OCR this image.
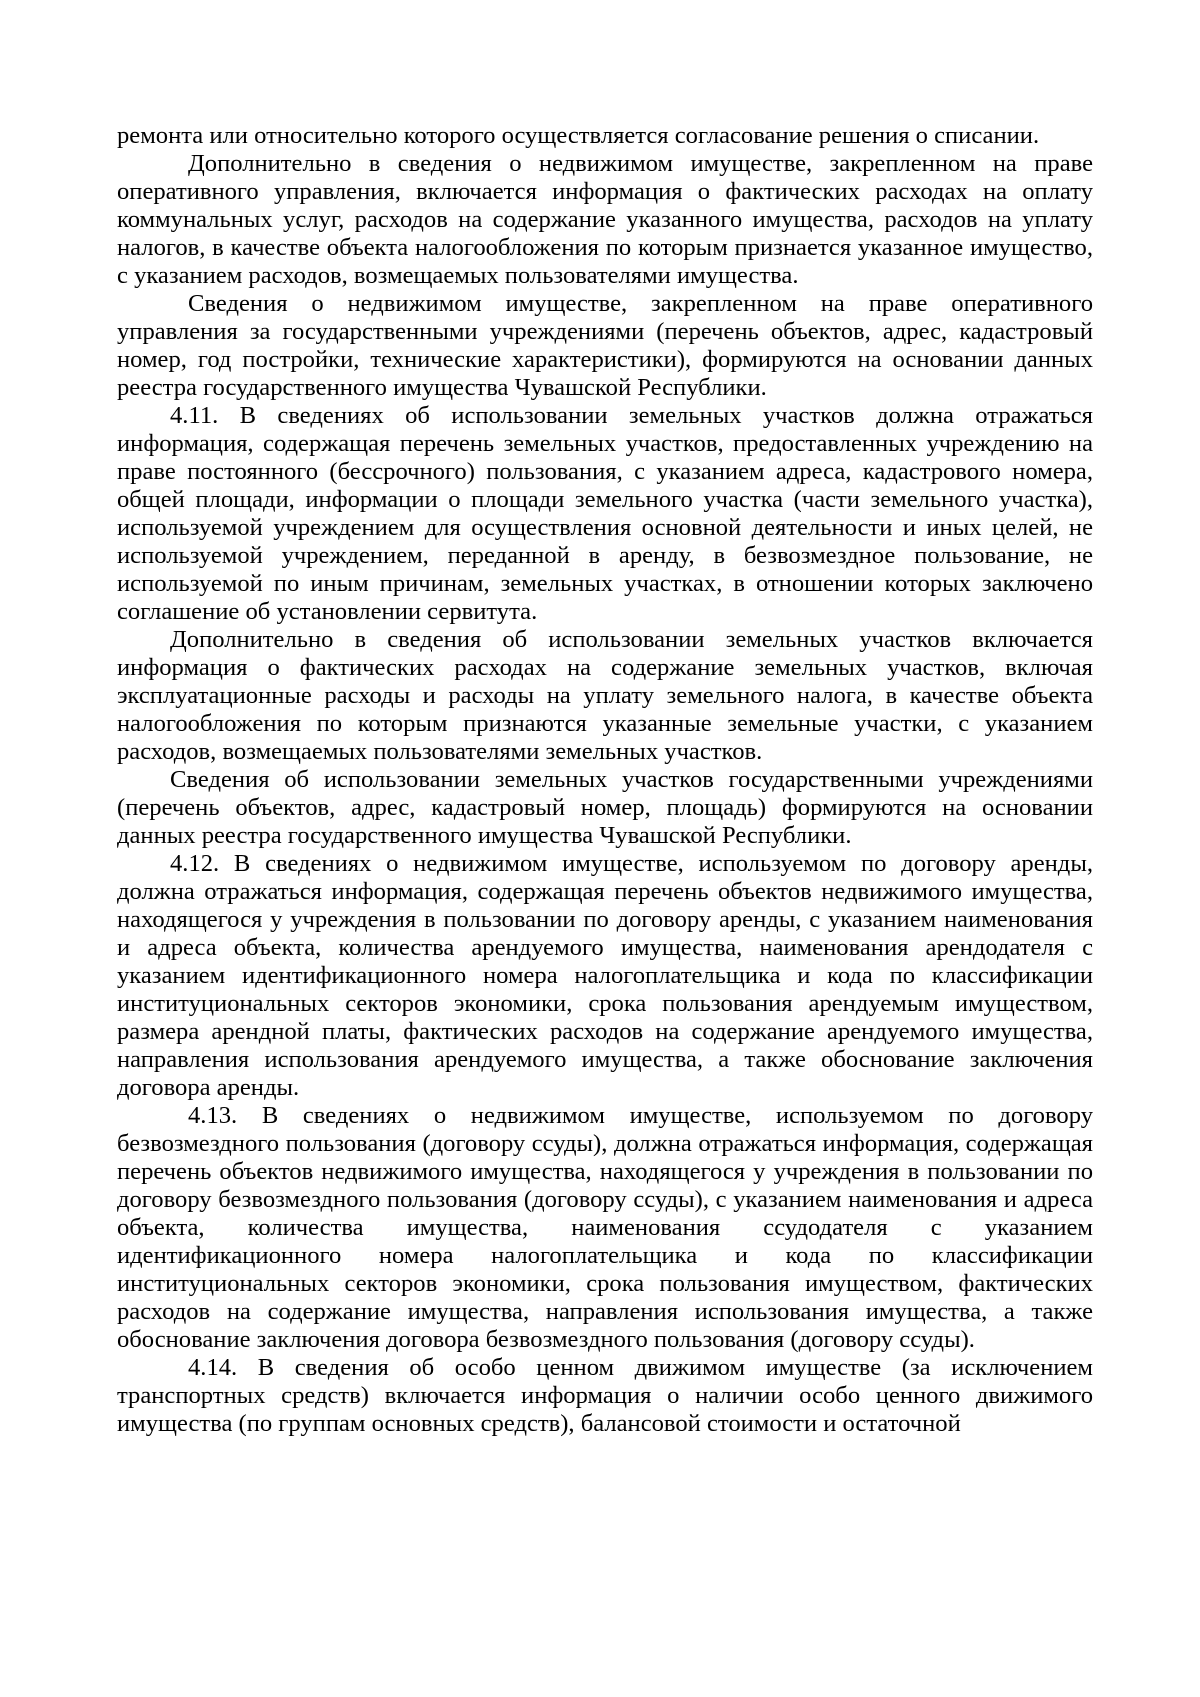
ремонта или относительно которого осуществляется согласование решения о списании.

Дополнительно в сведения о недвижимом имуществе, закрепленном на праве оперативного управления, включается информация о фактических расходах на оплату коммунальных услуг, расходов на содержание указанного имущества, расходов на уплату налогов, в качестве объекта налогообложения по которым признается указанное имущество, с указанием расходов, возмещаемых пользователями имущества.

Сведения о недвижимом имуществе, закрепленном на праве оперативного управления за государственными учреждениями (перечень объектов, адрес, кадастровый номер, год постройки, технические характеристики), формируются на основании данных реестра государственного имущества Чувашской Республики.

4.11. В сведениях об использовании земельных участков должна отражаться информация, содержащая перечень земельных участков, предоставленных учреждению на праве постоянного (бессрочного) пользования, с указанием адреса, кадастрового номера, общей площади, информации о площади земельного участка (части земельного участка), используемой учреждением для осуществления основной деятельности и иных целей, не используемой учреждением, переданной в аренду, в безвозмездное пользование, не используемой по иным причинам, земельных участках, в отношении которых заключено соглашение об установлении сервитута.

Дополнительно в сведения об использовании земельных участков включается информация о фактических расходах на содержание земельных участков, включая эксплуатационные расходы и расходы на уплату земельного налога, в качестве объекта налогообложения по которым признаются указанные земельные участки, с указанием расходов, возмещаемых пользователями земельных участков.

Сведения об использовании земельных участков государственными учреждениями (перечень объектов, адрес, кадастровый номер, площадь) формируются на основании данных реестра государственного имущества Чувашской Республики.

4.12. В сведениях о недвижимом имуществе, используемом по договору аренды, должна отражаться информация, содержащая перечень объектов недвижимого имущества, находящегося у учреждения в пользовании по договору аренды, с указанием наименования и адреса объекта, количества арендуемого имущества, наименования арендодателя с указанием идентификационного номера налогоплательщика и кода по классификации институциональных секторов экономики, срока пользования арендуемым имуществом, размера арендной платы, фактических расходов на содержание арендуемого имущества, направления использования арендуемого имущества, а также обоснование заключения договора аренды.

4.13. В сведениях о недвижимом имуществе, используемом по договору безвозмездного пользования (договору ссуды), должна отражаться информация, содержащая перечень объектов недвижимого имущества, находящегося у учреждения в пользовании по договору безвозмездного пользования (договору ссуды), с указанием наименования и адреса объекта, количества имущества, наименования ссудодателя с указанием идентификационного номера налогоплательщика и кода по классификации институциональных секторов экономики, срока пользования имуществом, фактических расходов на содержание имущества, направления использования имущества, а также обоснование заключения договора безвозмездного пользования (договору ссуды).

4.14. В сведения об особо ценном движимом имуществе (за исключением транспортных средств) включается информация о наличии особо ценного движимого имущества (по группам основных средств), балансовой стоимости и остаточной
